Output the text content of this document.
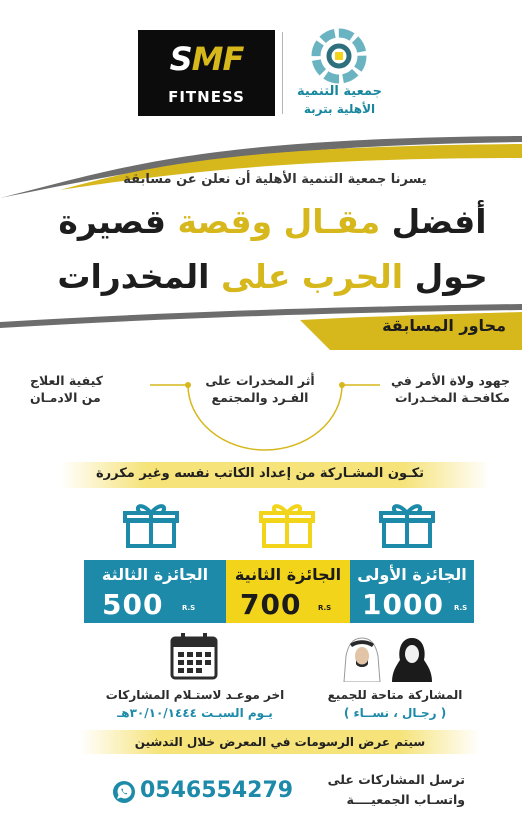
SMF
FITNESS	جمعية التنمية
الأهلية بتربة
يسرنا جمعية التنمية الأهلية أن نعلن عن مسابقة
أفضل مقـال وقصة قصيرة
حول الحرب على المخدرات
محاور المسابقة
جهود ولاة الأمر في
مكافحـة المخـدرات
أثر المخدرات على
الفـرد والمجتمع
كيفية العلاج
من الادمـان
تكـون المشـاركة من إعداد الكاتب نفسه وغير مكررة
الجائزة الأولى
1000 R.S
الجائزة الثانية
700 R.S
الجائزة الثالثة
500	R.S
اخر موعـد لاستـلام المشاركات
يـوم السبـت ٣٠/١٠/١٤٤٤هـ
المشاركة متاحة للجميع
( رجـال ، نســاء )
سيتم عرض الرسومات في المعرض خلال التدشين
ترسل المشاركات على
واتسـاب الجمعيــــة
0546554279
